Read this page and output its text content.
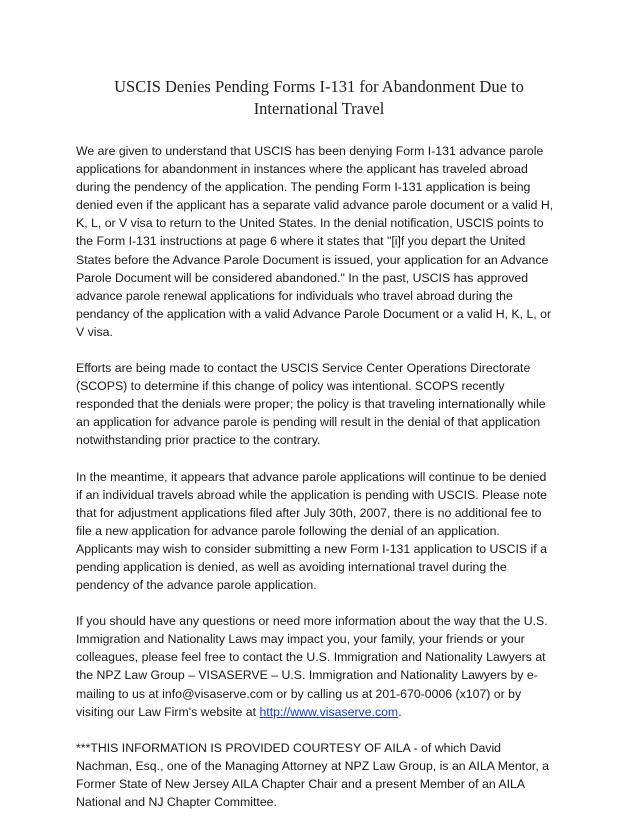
USCIS Denies Pending Forms I-131 for Abandonment Due to
International Travel

We are given to understand that USCIS has been denying Form I-131 advance parole
applications for abandonment in instances where the applicant has traveled abroad
during the pendency of the application. The pending Form I-131 application is being
denied even if the applicant has a separate valid advance parole document or a valid H,
K, L, or V visa to return to the United States. In the denial notification, USCIS points to
the Form I-131 instructions at page 6 where it states that "[i]f you depart the United
States before the Advance Parole Document is issued, your application for an Advance
Parole Document will be considered abandoned." In the past, USCIS has approved
advance parole renewal applications for individuals who travel abroad during the
pendancy of the application with a valid Advance Parole Document or a valid H, K, L, or
V visa.

Efforts are being made to contact the USCIS Service Center Operations Directorate
(SCOPS) to determine if this change of policy was intentional. SCOPS recently
responded that the denials were proper; the policy is that traveling internationally while
an application for advance parole is pending will result in the denial of that application
notwithstanding prior practice to the contrary.

In the meantime, it appears that advance parole applications will continue to be denied
if an individual travels abroad while the application is pending with USCIS. Please note
that for adjustment applications filed after July 30th, 2007, there is no additional fee to
file a new application for advance parole following the denial of an application.
Applicants may wish to consider submitting a new Form I-131 application to USCIS if a
pending application is denied, as well as avoiding international travel during the
pendency of the advance parole application.

If you should have any questions or need more information about the way that the U.S.
Immigration and Nationality Laws may impact you, your family, your friends or your
colleagues, please feel free to contact the U.S. Immigration and Nationality Lawyers at
the NPZ Law Group – VISASERVE – U.S. Immigration and Nationality Lawyers by e-
mailing to us at info@visaserve.com or by calling us at 201-670-0006 (x107) or by
visiting our Law Firm's website at http://www.visaserve.com.

***THIS INFORMATION IS PROVIDED COURTESY OF AILA - of which David
Nachman, Esq., one of the Managing Attorney at NPZ Law Group, is an AILA Mentor, a
Former State of New Jersey AILA Chapter Chair and a present Member of an AILA
National and NJ Chapter Committee.
